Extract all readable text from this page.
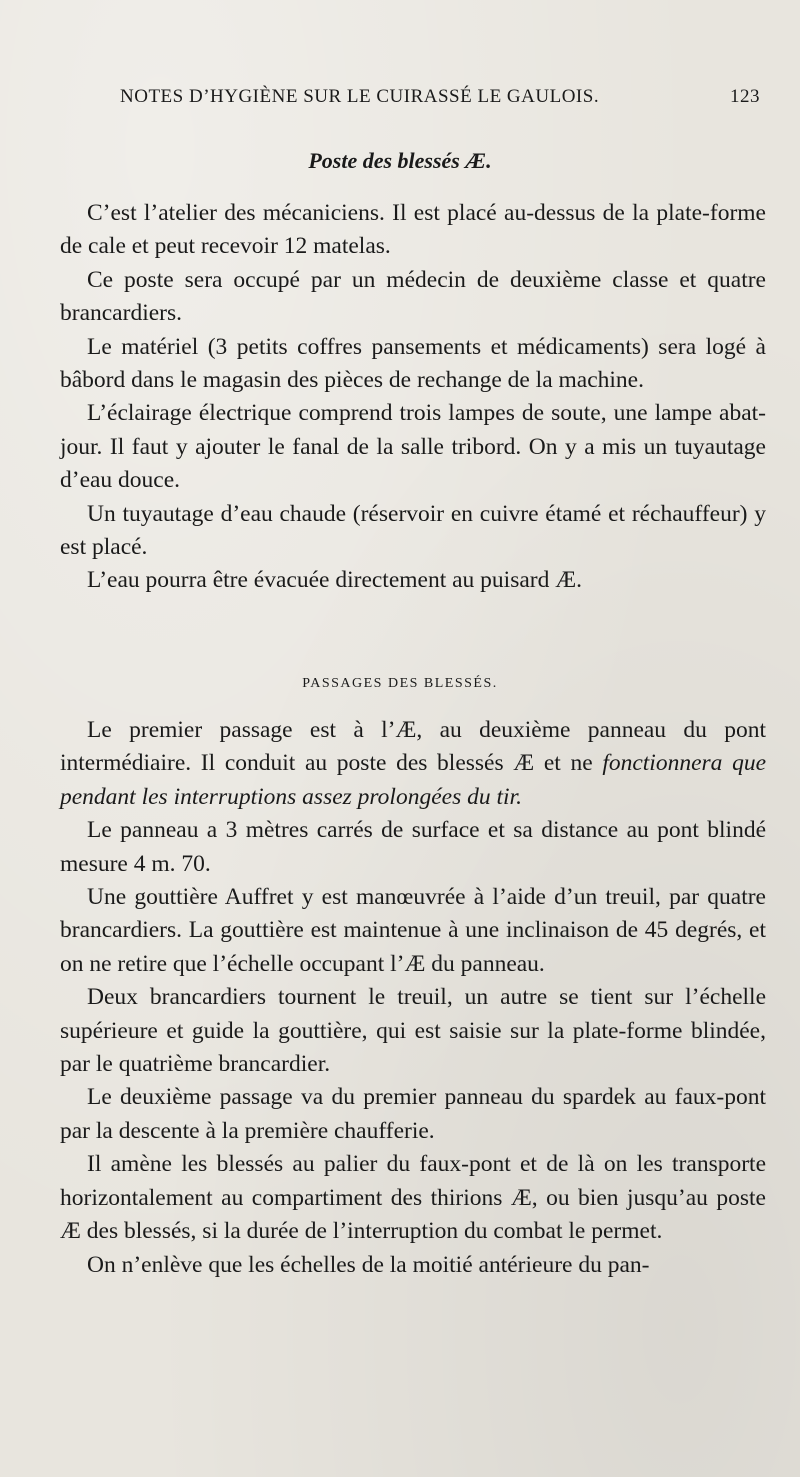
NOTES D’HYGIÈNE SUR LE CUIRASSÉ LE GAULOIS.	123
Poste des blessés Æ.

C’est l’atelier des mécaniciens. Il est placé au-dessus de la plate-forme de cale et peut recevoir 12 matelas.

Ce poste sera occupé par un médecin de deuxième classe et quatre brancardiers.

Le matériel (3 petits coffres pansements et médicaments) sera logé à bâbord dans le magasin des pièces de rechange de la machine.

L’éclairage électrique comprend trois lampes de soute, une lampe abat-jour. Il faut y ajouter le fanal de la salle tribord. On y a mis un tuyautage d’eau douce.

Un tuyautage d’eau chaude (réservoir en cuivre étamé et réchauffeur) y est placé.

L’eau pourra être évacuée directement au puisard Æ.

PASSAGES DES BLESSÉS.

Le premier passage est à l’Æ, au deuxième panneau du pont intermédiaire. Il conduit au poste des blessés Æ et ne fonctionnera que pendant les interruptions assez prolongées du tir.

Le panneau a 3 mètres carrés de surface et sa distance au pont blindé mesure 4 m. 70.

Une gouttière Auffret y est manœuvrée à l’aide d’un treuil, par quatre brancardiers. La gouttière est maintenue à une inclinaison de 45 degrés, et on ne retire que l’échelle occupant l’Æ du panneau.

Deux brancardiers tournent le treuil, un autre se tient sur l’échelle supérieure et guide la gouttière, qui est saisie sur la plate-forme blindée, par le quatrième brancardier.

Le deuxième passage va du premier panneau du spardek au faux-pont par la descente à la première chaufferie.

Il amène les blessés au palier du faux-pont et de là on les transporte horizontalement au compartiment des thirions Æ, ou bien jusqu’au poste Æ des blessés, si la durée de l’interruption du combat le permet.

On n’enlève que les échelles de la moitié antérieure du pan-
